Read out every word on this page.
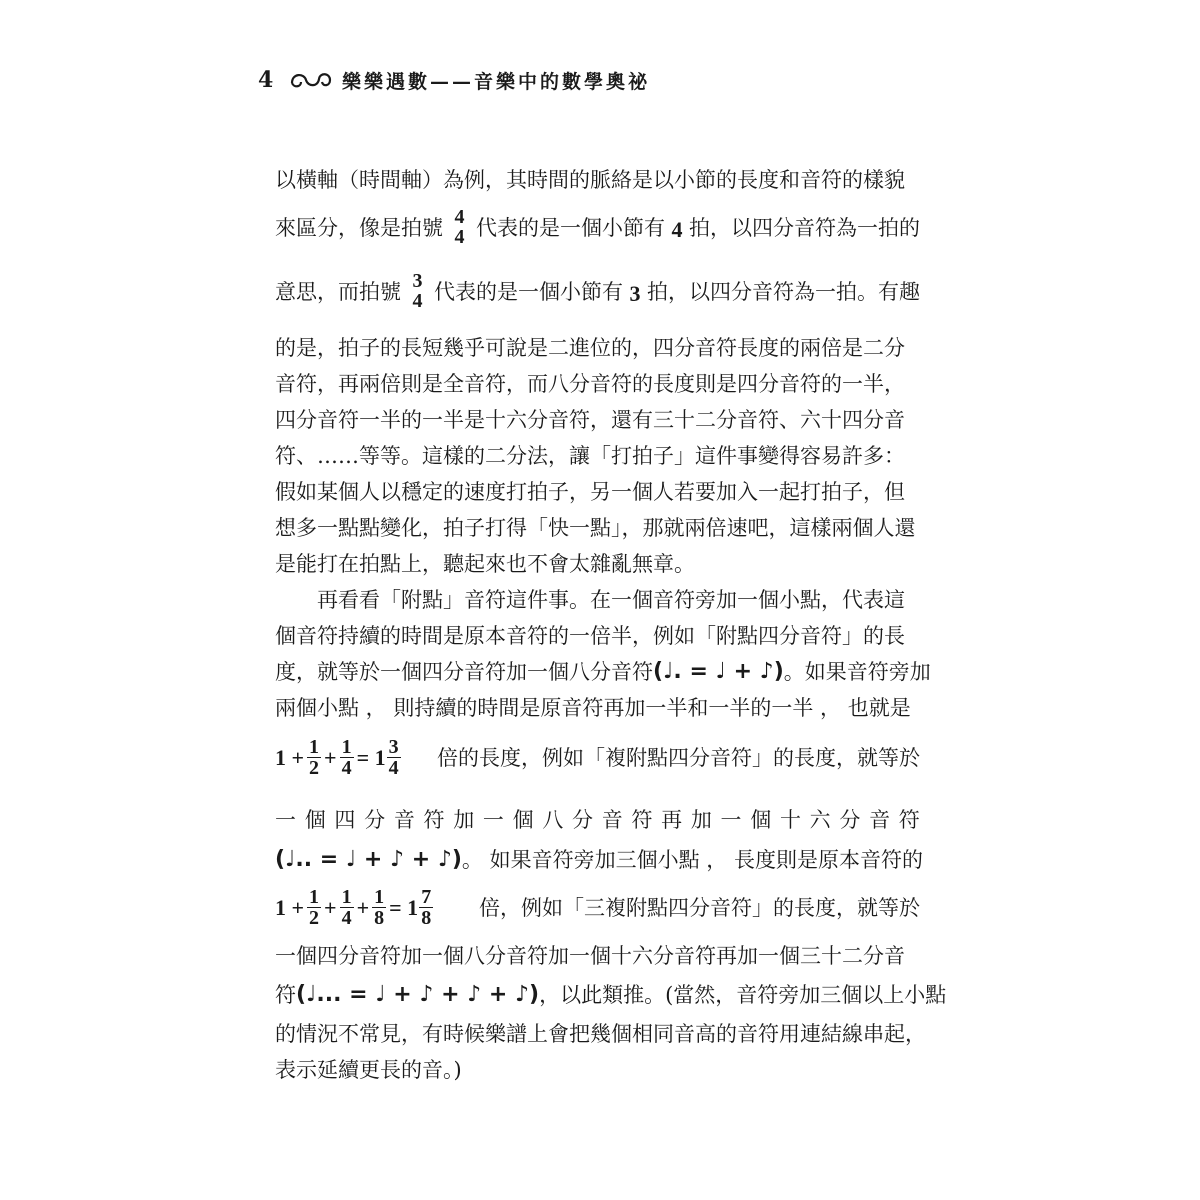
4	樂樂遇數——音樂中的數學奧祕
以橫軸（時間軸）為例，其時間的脈絡是以小節的長度和音符的樣貌
來區分，像是拍號 4
4 代表的是一個小節有 4 拍，以四分音符為一拍的
意思，而拍號 3
4 代表的是一個小節有 3 拍，以四分音符為一拍。有趣
的是，拍子的長短幾乎可說是二進位的，四分音符長度的兩倍是二分
音符，再兩倍則是全音符，而八分音符的長度則是四分音符的一半，
四分音符一半的一半是十六分音符，還有三十二分音符、六十四分音
符、……等等。這樣的二分法，讓「打拍子」這件事變得容易許多：
假如某個人以穩定的速度打拍子，另一個人若要加入一起打拍子，但
想多一點點變化，拍子打得「快一點」，那就兩倍速吧，這樣兩個人還
是能打在拍點上，聽起來也不會太雜亂無章。
再看看「附點」音符這件事。在一個音符旁加一個小點，代表這
個音符持續的時間是原本音符的一倍半，例如「附點四分音符」的長
度，就等於一個四分音符加一個八分音符 (♩. = ♩ + ♪) 。如果音符旁加
兩個小點 ， 則持續的時間是原音符再加一半和一半的一半 ， 也就是
$1 + \frac{1}{2} + \frac{1}{4} = 1 \frac{3}{4}$ 倍的長度，例如「複附點四分音符」的長度，就等於
一 個 四 分 音 符 加 一 個 八 分 音 符 再 加 一 個 十 六 分 音 符
(♩.. = ♩ + ♪ + ♪) 。 如果音符旁加三個小點 ， 長度則是原本音符的
$1 + \frac{1}{2} + \frac{1}{4} + \frac{1}{8} = 1 \frac{7}{8}$ 倍，例如「三複附點四分音符」的長度，就等於
一個四分音符加一個八分音符加一個十六分音符再加一個三十二分音
符 (♩... = ♩ + ♪ + ♪ + ♪) ，以此類推。(當然，音符旁加三個以上小點
的情況不常見，有時候樂譜上會把幾個相同音高的音符用連結線串起，
表示延續更長的音。)
